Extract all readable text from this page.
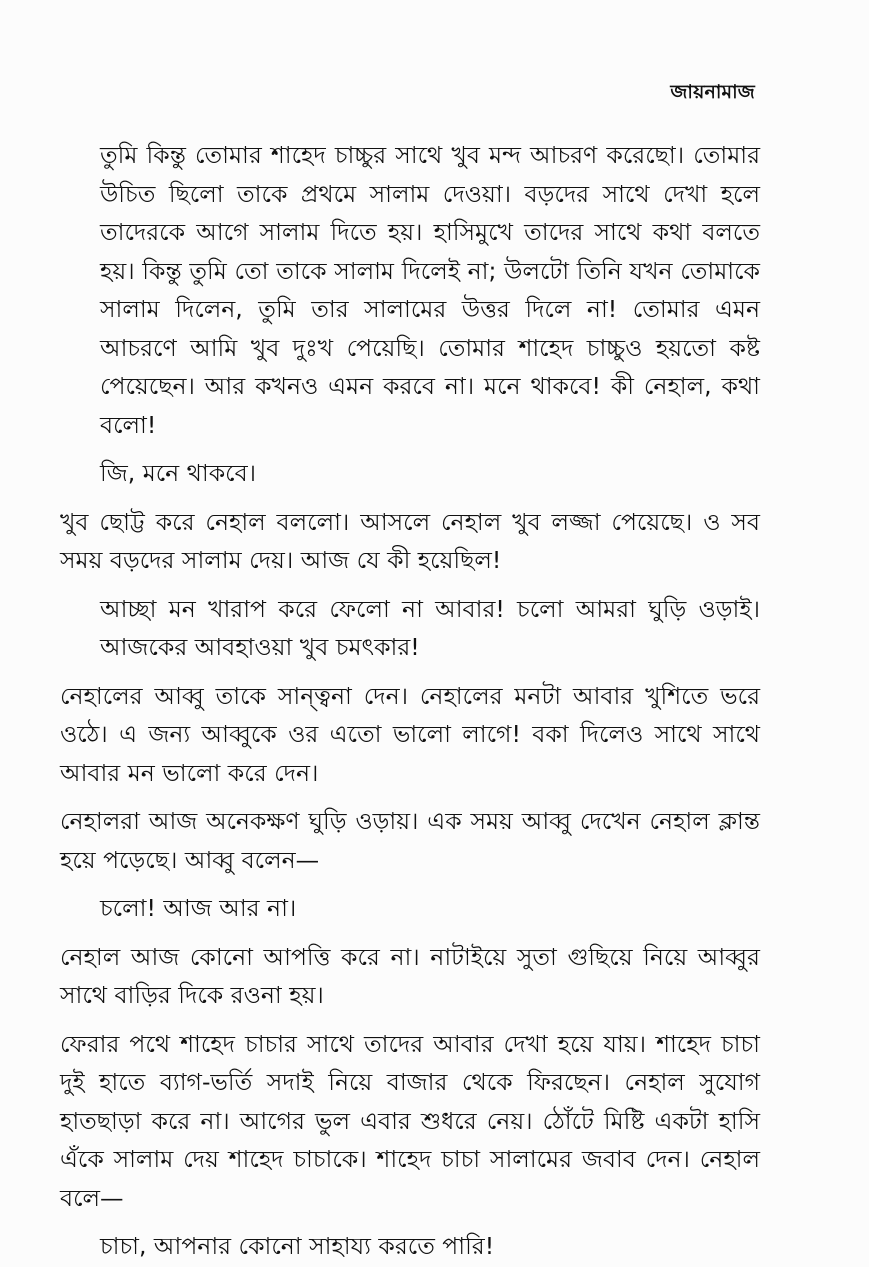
জায়নামাজ

তুমি কিন্তু তোমার শাহেদ চাচ্চুর সাথে খুব মন্দ আচরণ করেছো। তোমার উচিত ছিলো তাকে প্রথমে সালাম দেওয়া। বড়দের সাথে দেখা হলে তাদেরকে আগে সালাম দিতে হয়। হাসিমুখে তাদের সাথে কথা বলতে হয়। কিন্তু তুমি তো তাকে সালাম দিলেই না; উলটো তিনি যখন তোমাকে সালাম দিলেন, তুমি তার সালামের উত্তর দিলে না! তোমার এমন আচরণে আমি খুব দুঃখ পেয়েছি। তোমার শাহেদ চাচ্চুও হয়তো কষ্ট পেয়েছেন। আর কখনও এমন করবে না। মনে থাকবে! কী নেহাল, কথা বলো!

জি, মনে থাকবে।

খুব ছোট্ট করে নেহাল বললো। আসলে নেহাল খুব লজ্জা পেয়েছে। ও সব সময় বড়দের সালাম দেয়। আজ যে কী হয়েছিল!

আচ্ছা মন খারাপ করে ফেলো না আবার! চলো আমরা ঘুড়ি ওড়াই। আজকের আবহাওয়া খুব চমৎকার!

নেহালের আব্বু তাকে সান্ত্বনা দেন। নেহালের মনটা আবার খুশিতে ভরে ওঠে। এ জন্য আব্বুকে ওর এতো ভালো লাগে! বকা দিলেও সাথে সাথে আবার মন ভালো করে দেন।

নেহালরা আজ অনেকক্ষণ ঘুড়ি ওড়ায়। এক সময় আব্বু দেখেন নেহাল ক্লান্ত হয়ে পড়েছে। আব্বু বলেন—

চলো! আজ আর না।

নেহাল আজ কোনো আপত্তি করে না। নাটাইয়ে সুতা গুছিয়ে নিয়ে আব্বুর সাথে বাড়ির দিকে রওনা হয়।

ফেরার পথে শাহেদ চাচার সাথে তাদের আবার দেখা হয়ে যায়। শাহেদ চাচা দুই হাতে ব্যাগ-ভর্তি সদাই নিয়ে বাজার থেকে ফিরছেন। নেহাল সুযোগ হাতছাড়া করে না। আগের ভুল এবার শুধরে নেয়। ঠোঁটে মিষ্টি একটা হাসি এঁকে সালাম দেয় শাহেদ চাচাকে। শাহেদ চাচা সালামের জবাব দেন। নেহাল বলে—

চাচা, আপনার কোনো সাহায্য করতে পারি!
